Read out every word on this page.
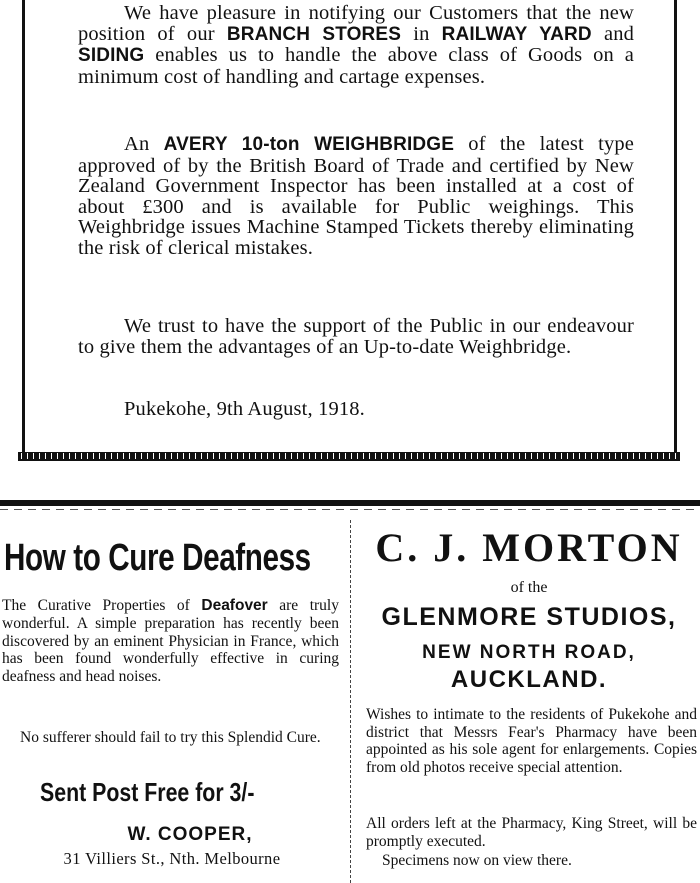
We have pleasure in notifying our Customers that the new position of our BRANCH STORES in RAILWAY YARD and SIDING enables us to handle the above class of Goods on a minimum cost of handling and cartage expenses.
An AVERY 10-ton WEIGHBRIDGE of the latest type approved of by the British Board of Trade and certified by New Zealand Government Inspector has been installed at a cost of about £300 and is available for Public weighings. This Weighbridge issues Machine Stamped Tickets thereby eliminating the risk of clerical mistakes.
We trust to have the support of the Public in our endeavour to give them the advantages of an Up-to-date Weighbridge.
Pukekohe, 9th August, 1918.
How to Cure Deafness
The Curative Properties of Deafover are truly wonderful. A simple preparation has recently been discovered by an eminent Physician in France, which has been found wonderfully effective in curing deafness and head noises.
No sufferer should fail to try this Splendid Cure.
Sent Post Free for 3/-
W. COOPER,
31 Villiers St., Nth. Melbourne
C. J. MORTON
of the
GLENMORE STUDIOS,
NEW NORTH ROAD,
AUCKLAND.
Wishes to intimate to the residents of Pukekohe and district that Messrs Fear's Pharmacy have been appointed as his sole agent for enlargements. Copies from old photos receive special attention.
All orders left at the Pharmacy, King Street, will be promptly executed.
Specimens now on view there.
